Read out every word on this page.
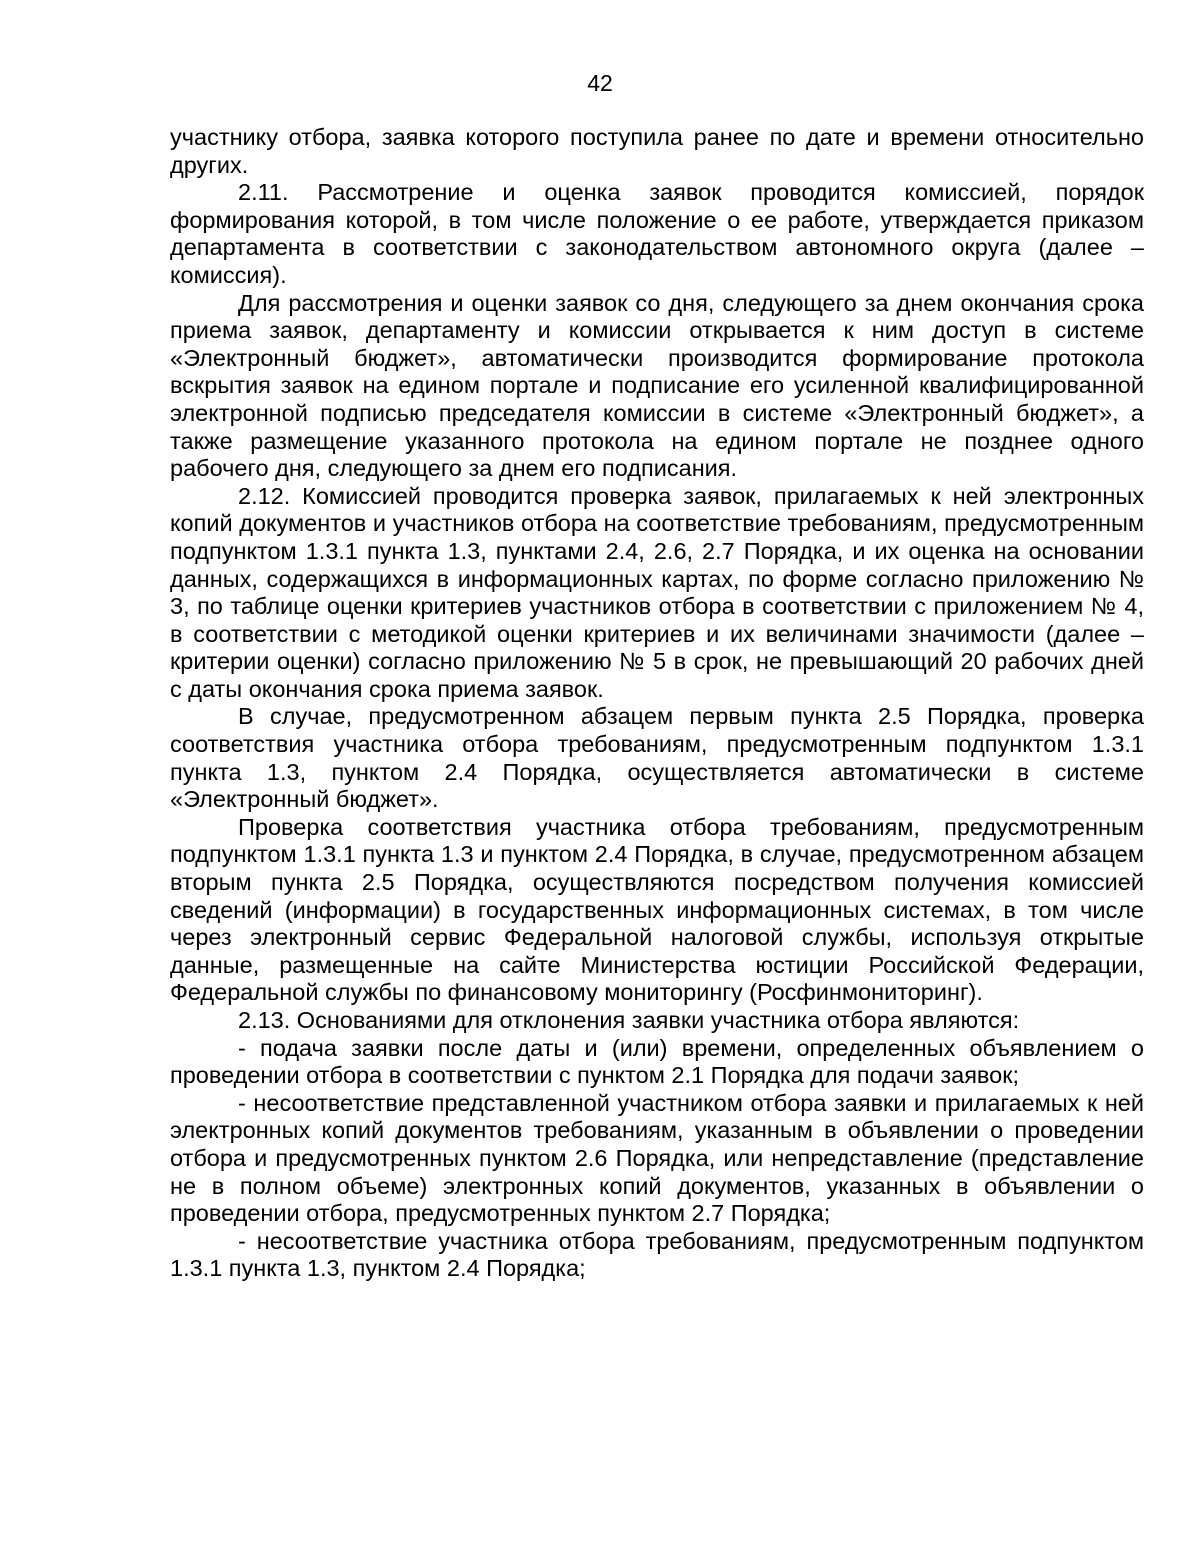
42

участнику отбора, заявка которого поступила ранее по дате и времени относительно других.

2.11. Рассмотрение и оценка заявок проводится комиссией, порядок формирования которой, в том числе положение о ее работе, утверждается приказом департамента в соответствии с законодательством автономного округа (далее – комиссия).

Для рассмотрения и оценки заявок со дня, следующего за днем окончания срока приема заявок, департаменту и комиссии открывается к ним доступ в системе «Электронный бюджет», автоматически производится формирование протокола вскрытия заявок на едином портале и подписание его усиленной квалифицированной электронной подписью председателя комиссии в системе «Электронный бюджет», а также размещение указанного протокола на едином портале не позднее одного рабочего дня, следующего за днем его подписания.

2.12. Комиссией проводится проверка заявок, прилагаемых к ней электронных копий документов и участников отбора на соответствие требованиям, предусмотренным подпунктом 1.3.1 пункта 1.3, пунктами 2.4, 2.6, 2.7 Порядка, и их оценка на основании данных, содержащихся в информационных картах, по форме согласно приложению № 3, по таблице оценки критериев участников отбора в соответствии с приложением № 4, в соответствии с методикой оценки критериев и их величинами значимости (далее – критерии оценки) согласно приложению № 5 в срок, не превышающий 20 рабочих дней с даты окончания срока приема заявок.

В случае, предусмотренном абзацем первым пункта 2.5 Порядка, проверка соответствия участника отбора требованиям, предусмотренным подпунктом 1.3.1 пункта 1.3, пунктом 2.4 Порядка, осуществляется автоматически в системе «Электронный бюджет».

Проверка соответствия участника отбора требованиям, предусмотренным подпунктом 1.3.1 пункта 1.3 и пунктом 2.4 Порядка, в случае, предусмотренном абзацем вторым пункта 2.5 Порядка, осуществляются посредством получения комиссией сведений (информации) в государственных информационных системах, в том числе через электронный сервис Федеральной налоговой службы, используя открытые данные, размещенные на сайте Министерства юстиции Российской Федерации, Федеральной службы по финансовому мониторингу (Росфинмониторинг).

2.13. Основаниями для отклонения заявки участника отбора являются:

- подача заявки после даты и (или) времени, определенных объявлением о проведении отбора в соответствии с пунктом 2.1 Порядка для подачи заявок;

- несоответствие представленной участником отбора заявки и прилагаемых к ней электронных копий документов требованиям, указанным в объявлении о проведении отбора и предусмотренных пунктом 2.6 Порядка, или непредставление (представление не в полном объеме) электронных копий документов, указанных в объявлении о проведении отбора, предусмотренных пунктом 2.7 Порядка;

- несоответствие участника отбора требованиям, предусмотренным подпунктом 1.3.1 пункта 1.3, пунктом 2.4 Порядка;
